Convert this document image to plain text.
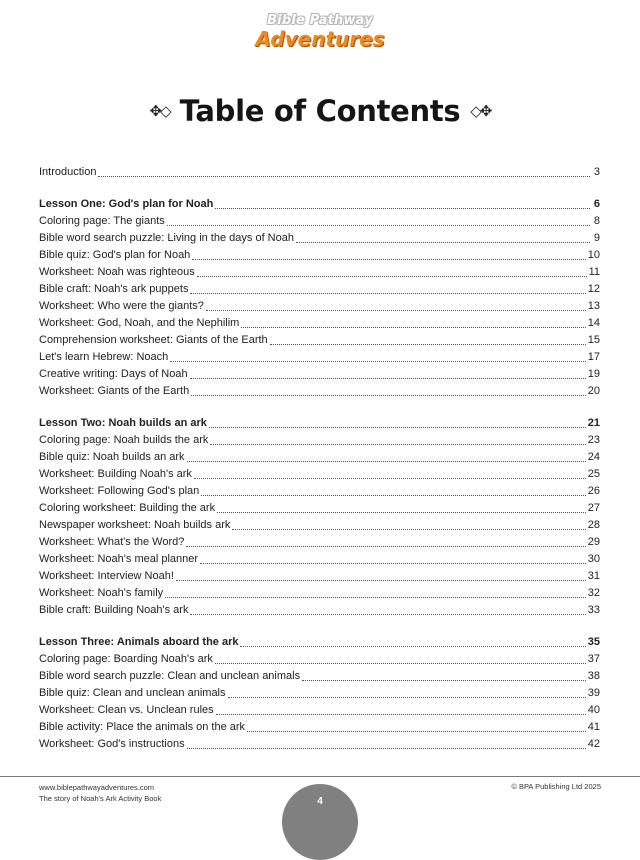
Bible Pathway
Adventures
✥◇ Table of Contents ◇✥
Introduction	3
Lesson One: God's plan for Noah	6
Coloring page: The giants	8
Bible word search puzzle: Living in the days of Noah	9
Bible quiz: God's plan for Noah	10
Worksheet: Noah was righteous	11
Bible craft: Noah's ark puppets	12
Worksheet: Who were the giants?	13
Worksheet: God, Noah, and the Nephilim	14
Comprehension worksheet: Giants of the Earth	15
Let's learn Hebrew: Noach	17
Creative writing: Days of Noah	19
Worksheet: Giants of the Earth	20
Lesson Two: Noah builds an ark	21
Coloring page: Noah builds the ark	23
Bible quiz: Noah builds an ark	24
Worksheet: Building Noah's ark	25
Worksheet: Following God's plan	26
Coloring worksheet: Building the ark	27
Newspaper worksheet: Noah builds ark	28
Worksheet: What's the Word?	29
Worksheet: Noah's meal planner	30
Worksheet: Interview Noah!	31
Worksheet: Noah's family	32
Bible craft: Building Noah's ark	33
Lesson Three: Animals aboard the ark	35
Coloring page: Boarding Noah's ark	37
Bible word search puzzle: Clean and unclean animals	38
Bible quiz: Clean and unclean animals	39
Worksheet: Clean vs. Unclean rules	40
Bible activity: Place the animals on the ark	41
Worksheet: God's instructions	42
www.biblepathwayadventures.com
The story of Noah's Ark Activity Book
© BPA Publishing Ltd 2025
4
